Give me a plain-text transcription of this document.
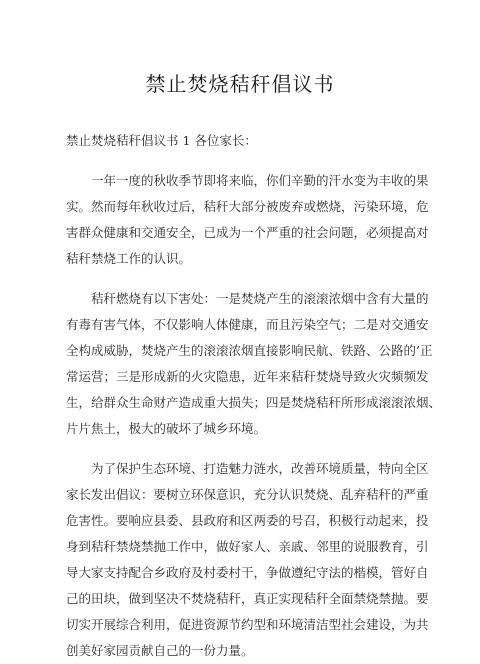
禁止焚烧秸秆倡议书
禁止焚烧秸秆倡议书 1 各位家长：
一年一度的秋收季节即将来临，你们辛勤的汗水变为丰收的果
实。然而每年秋收过后，秸秆大部分被废弃或燃烧，污染环境，危
害群众健康和交通安全，已成为一个严重的社会问题，必须提高对
秸秆禁烧工作的认识。
秸秆燃烧有以下害处：一是焚烧产生的滚滚浓烟中含有大量的
有毒有害气体，不仅影响人体健康，而且污染空气；二是对交通安
全构成威胁，焚烧产生的滚滚浓烟直接影响民航、铁路、公路的’正
常运营；三是形成新的火灾隐患，近年来秸秆焚烧导致火灾频频发
生，给群众生命财产造成重大损失；四是焚烧秸秆所形成滚滚浓烟、
片片焦土，极大的破坏了城乡环境。
为了保护生态环境、打造魅力涟水，改善环境质量，特向全区
家长发出倡议：要树立环保意识，充分认识焚烧、乱弃秸秆的严重
危害性。要响应县委、县政府和区两委的号召，积极行动起来，投
身到秸秆禁烧禁抛工作中，做好家人、亲戚、邻里的说服教育，引
导大家支持配合乡政府及村委村干，争做遵纪守法的楷模，管好自
己的田块，做到坚决不焚烧秸秆，真正实现秸秆全面禁烧禁抛。要
切实开展综合利用，促进资源节约型和环境清洁型社会建设，为共
创美好家园贡献自己的一份力量。
